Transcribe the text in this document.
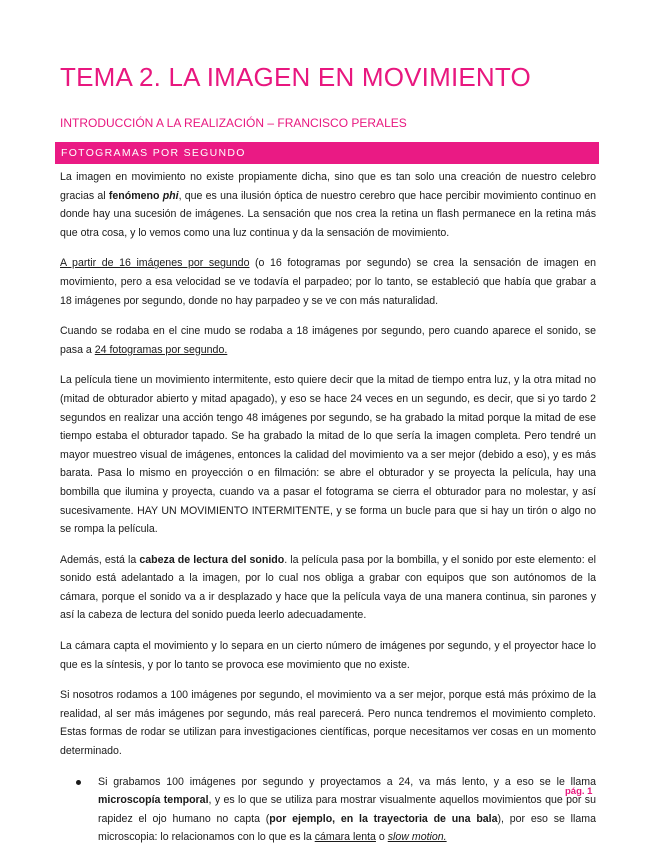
TEMA 2. LA IMAGEN EN MOVIMIENTO
INTRODUCCIÓN A LA REALIZACIÓN – FRANCISCO PERALES
FOTOGRAMAS POR SEGUNDO

La imagen en movimiento no existe propiamente dicha, sino que es tan solo una creación de nuestro celebro gracias al fenómeno phi, que es una ilusión óptica de nuestro cerebro que hace percibir movimiento continuo en donde hay una sucesión de imágenes. La sensación que nos crea la retina un flash permanece en la retina más que otra cosa, y lo vemos como una luz continua y da la sensación de movimiento.

A partir de 16 imágenes por segundo (o 16 fotogramas por segundo) se crea la sensación de imagen en movimiento, pero a esa velocidad se ve todavía el parpadeo; por lo tanto, se estableció que había que grabar a 18 imágenes por segundo, donde no hay parpadeo y se ve con más naturalidad.

Cuando se rodaba en el cine mudo se rodaba a 18 imágenes por segundo, pero cuando aparece el sonido, se pasa a 24 fotogramas por segundo.

La película tiene un movimiento intermitente, esto quiere decir que la mitad de tiempo entra luz, y la otra mitad no (mitad de obturador abierto y mitad apagado), y eso se hace 24 veces en un segundo, es decir, que si yo tardo 2 segundos en realizar una acción tengo 48 imágenes por segundo, se ha grabado la mitad porque la mitad de ese tiempo estaba el obturador tapado. Se ha grabado la mitad de lo que sería la imagen completa. Pero tendré un mayor muestreo visual de imágenes, entonces la calidad del movimiento va a ser mejor (debido a eso), y es más barata. Pasa lo mismo en proyección o en filmación: se abre el obturador y se proyecta la película, hay una bombilla que ilumina y proyecta, cuando va a pasar el fotograma se cierra el obturador para no molestar, y así sucesivamente. HAY UN MOVIMIENTO INTERMITENTE, y se forma un bucle para que si hay un tirón o algo no se rompa la película.

Además, está la cabeza de lectura del sonido. la película pasa por la bombilla, y el sonido por este elemento: el sonido está adelantado a la imagen, por lo cual nos obliga a grabar con equipos que son autónomos de la cámara, porque el sonido va a ir desplazado y hace que la película vaya de una manera continua, sin parones y así la cabeza de lectura del sonido pueda leerlo adecuadamente.

La cámara capta el movimiento y lo separa en un cierto número de imágenes por segundo, y el proyector hace lo que es la síntesis, y por lo tanto se provoca ese movimiento que no existe.

Si nosotros rodamos a 100 imágenes por segundo, el movimiento va a ser mejor, porque está más próximo de la realidad, al ser más imágenes por segundo, más real parecerá. Pero nunca tendremos el movimiento completo. Estas formas de rodar se utilizan para investigaciones científicas, porque necesitamos ver cosas en un momento determinado.

Si grabamos 100 imágenes por segundo y proyectamos a 24, va más lento, y a eso se le llama microscopía temporal, y es lo que se utiliza para mostrar visualmente aquellos movimientos que por su rapidez el ojo humano no capta (por ejemplo, en la trayectoria de una bala), por eso se llama microscopia: lo relacionamos con lo que es la cámara lenta o slow motion.
pág. 1
